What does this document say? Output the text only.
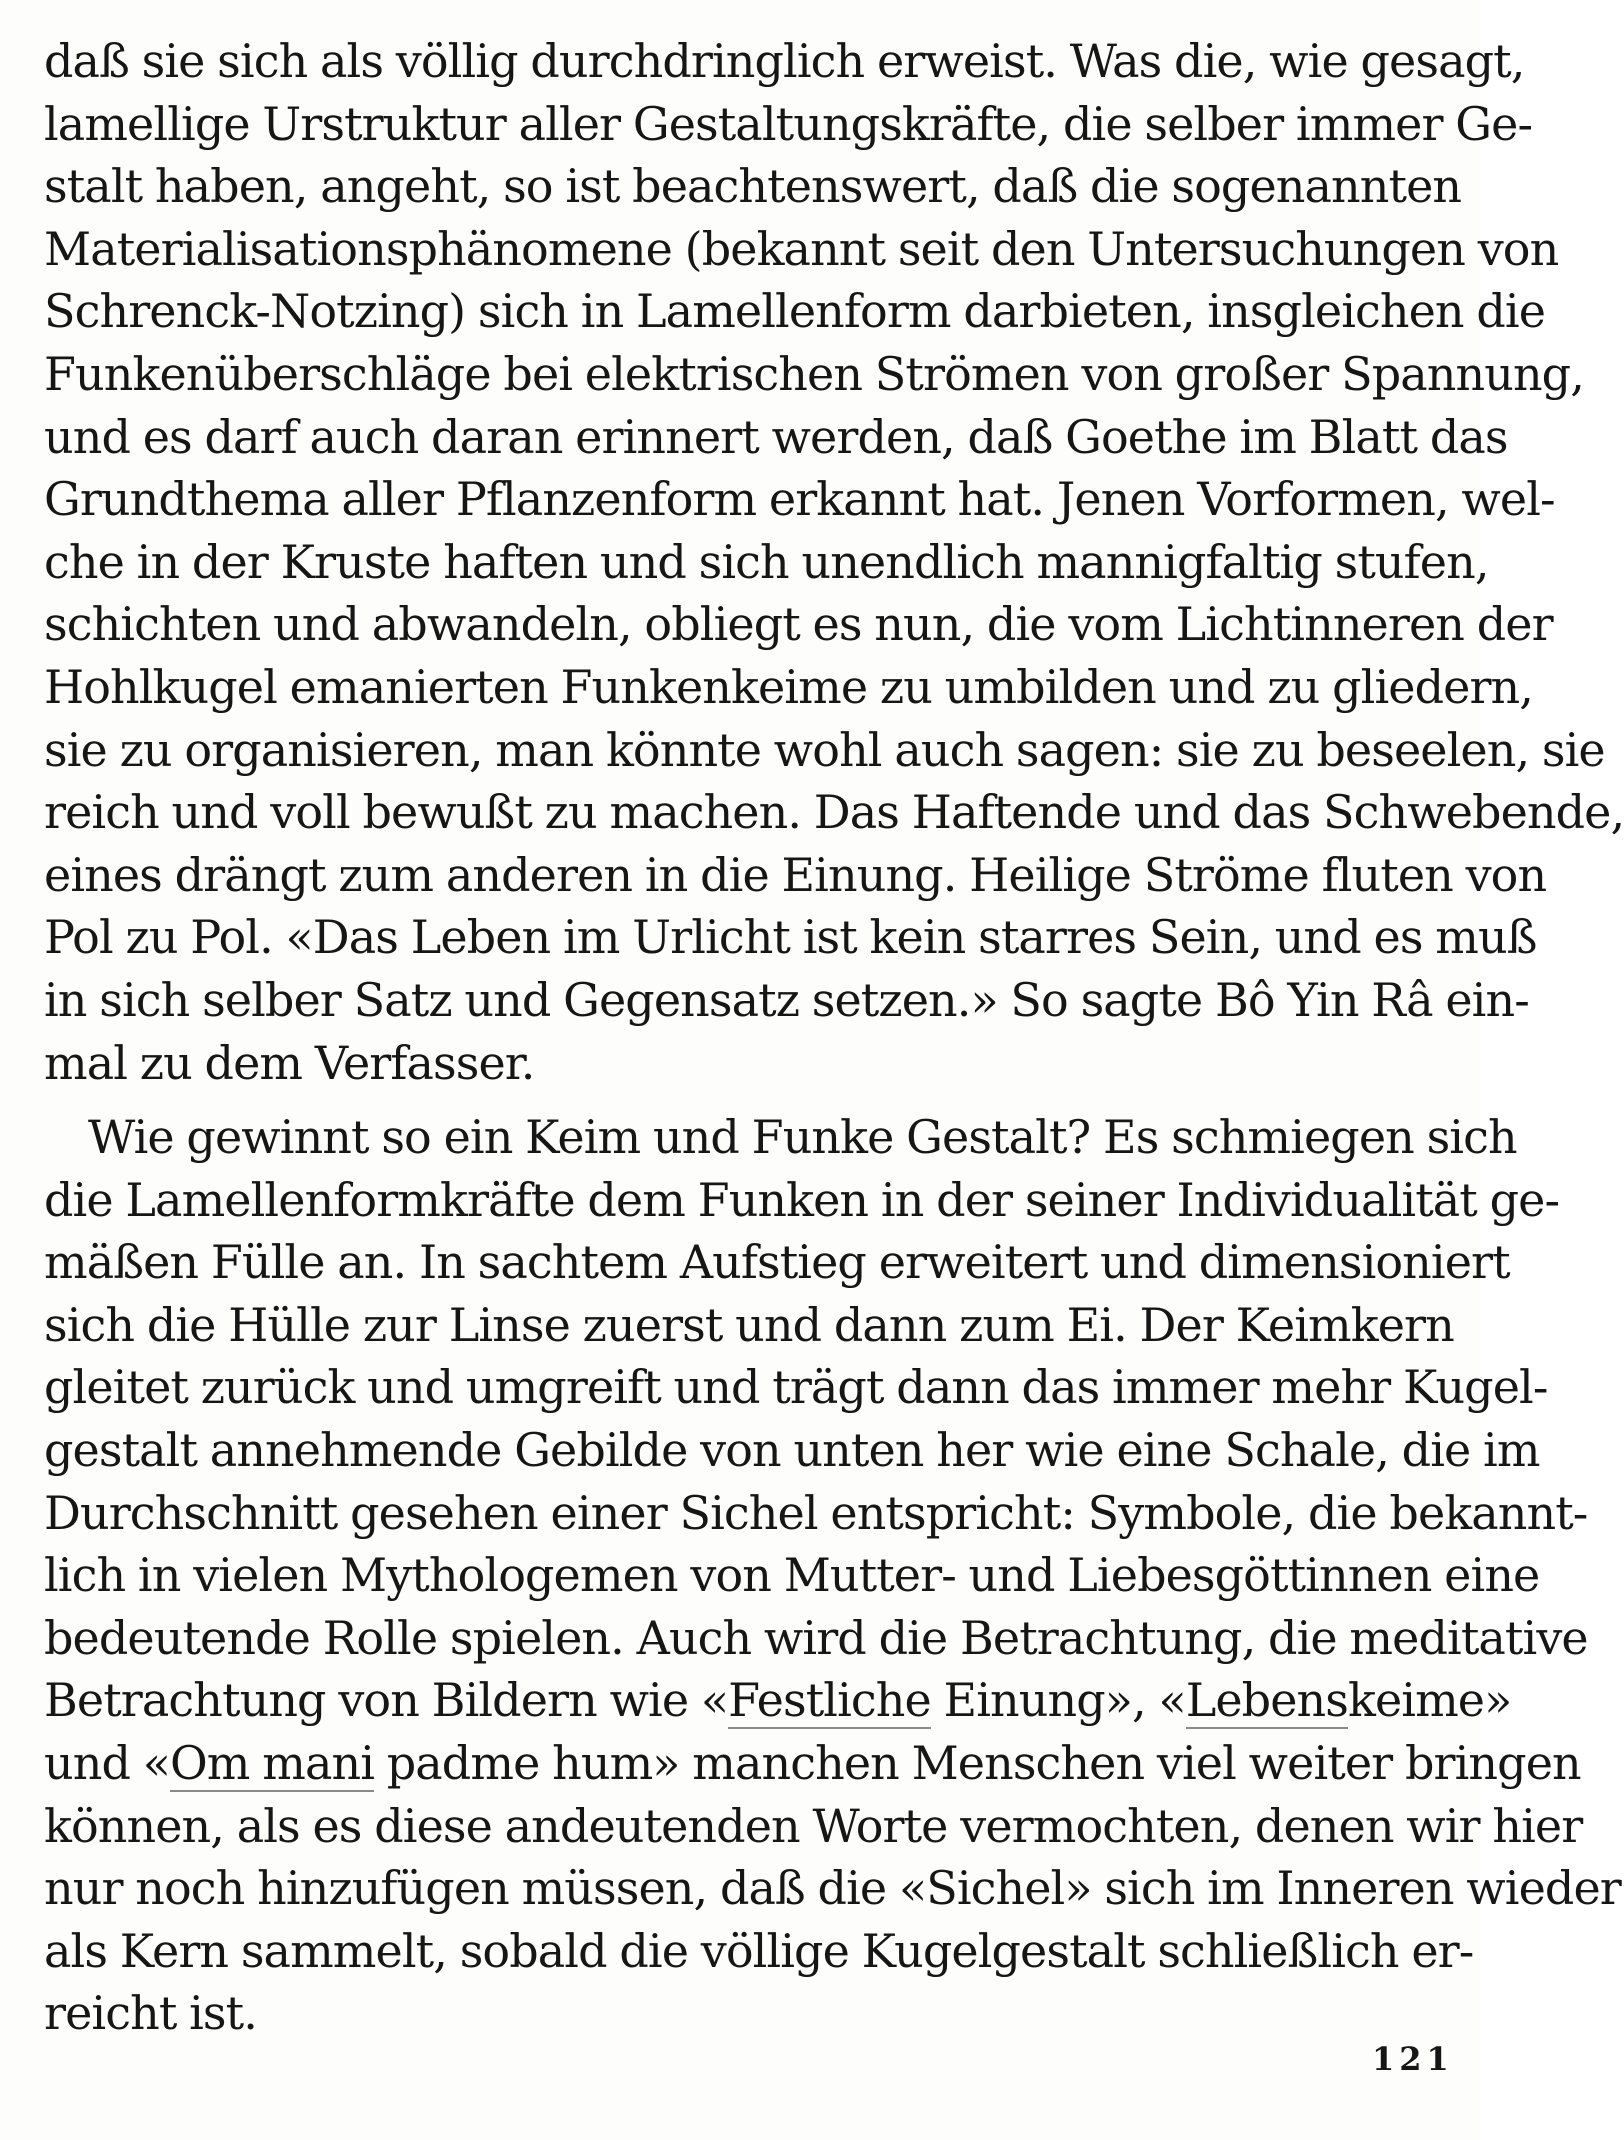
daß sie sich als völlig durchdringlich erweist. Was die, wie gesagt,
lamellige Urstruktur aller Gestaltungskräfte, die selber immer Ge-
stalt haben, angeht, so ist beachtenswert, daß die sogenannten
Materialisationsphänomene (bekannt seit den Untersuchungen von
Schrenck-Notzing) sich in Lamellenform darbieten, insgleichen die
Funkenüberschläge bei elektrischen Strömen von großer Spannung,
und es darf auch daran erinnert werden, daß Goethe im Blatt das
Grundthema aller Pflanzenform erkannt hat. Jenen Vorformen, wel-
che in der Kruste haften und sich unendlich mannigfaltig stufen,
schichten und abwandeln, obliegt es nun, die vom Lichtinneren der
Hohlkugel emanierten Funkenkeime zu umbilden und zu gliedern,
sie zu organisieren, man könnte wohl auch sagen: sie zu beseelen, sie
reich und voll bewußt zu machen. Das Haftende und das Schwebende,
eines drängt zum anderen in die Einung. Heilige Ströme fluten von
Pol zu Pol. «Das Leben im Urlicht ist kein starres Sein, und es muß
in sich selber Satz und Gegensatz setzen.» So sagte Bô Yin Râ ein-
mal zu dem Verfasser.
Wie gewinnt so ein Keim und Funke Gestalt? Es schmiegen sich
die Lamellenformkräfte dem Funken in der seiner Individualität ge-
mäßen Fülle an. In sachtem Aufstieg erweitert und dimensioniert
sich die Hülle zur Linse zuerst und dann zum Ei. Der Keimkern
gleitet zurück und umgreift und trägt dann das immer mehr Kugel-
gestalt annehmende Gebilde von unten her wie eine Schale, die im
Durchschnitt gesehen einer Sichel entspricht: Symbole, die bekannt-
lich in vielen Mythologemen von Mutter- und Liebesgöttinnen eine
bedeutende Rolle spielen. Auch wird die Betrachtung, die meditative
Betrachtung von Bildern wie «Festliche Einung», «Lebenskeime»
und «Om mani padme hum» manchen Menschen viel weiter bringen
können, als es diese andeutenden Worte vermochten, denen wir hier
nur noch hinzufügen müssen, daß die «Sichel» sich im Inneren wieder
als Kern sammelt, sobald die völlige Kugelgestalt schließlich er-
reicht ist.
121
